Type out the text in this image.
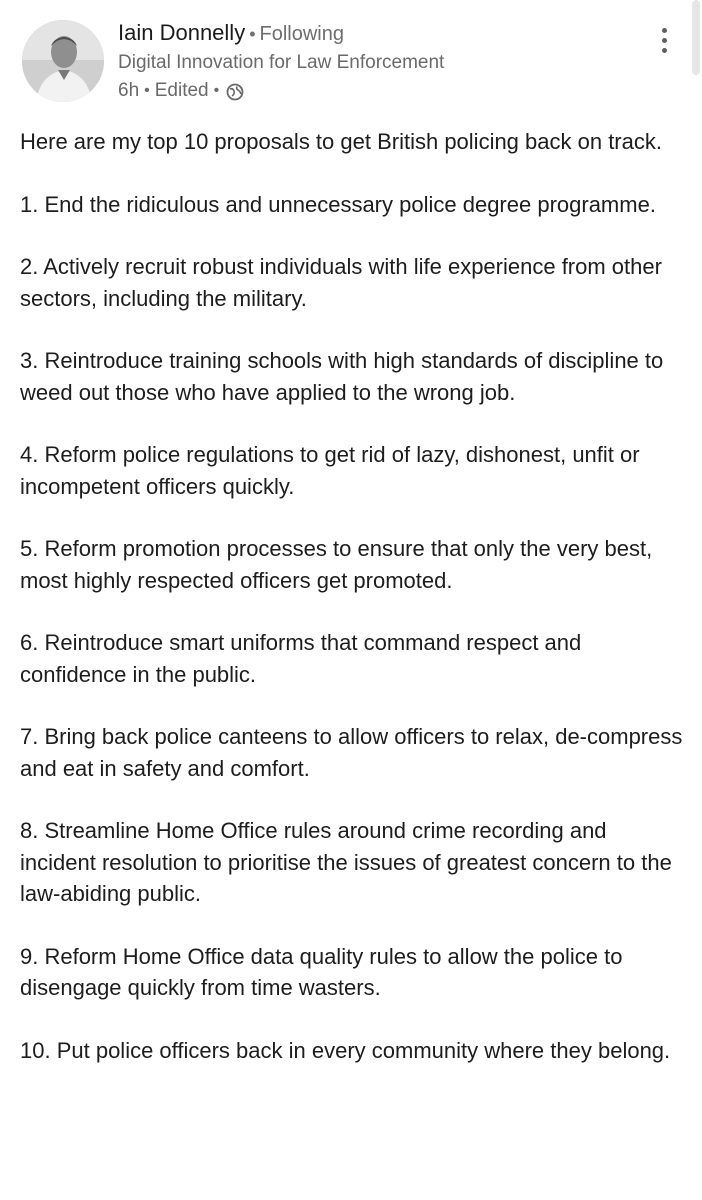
Iain Donnelly • Following
Digital Innovation for Law Enforcement
6h • Edited •

Here are my top 10 proposals to get British policing back on track.

1. End the ridiculous and unnecessary police degree programme.

2. Actively recruit robust individuals with life experience from other sectors, including the military.

3. Reintroduce training schools with high standards of discipline to weed out those who have applied to the wrong job.

4. Reform police regulations to get rid of lazy, dishonest, unfit or incompetent officers quickly.

5. Reform promotion processes to ensure that only the very best, most highly respected officers get promoted.

6. Reintroduce smart uniforms that command respect and confidence in the public.

7. Bring back police canteens to allow officers to relax, de-compress and eat in safety and comfort.

8. Streamline Home Office rules around crime recording and incident resolution to prioritise the issues of greatest concern to the law-abiding public.

9. Reform Home Office data quality rules to allow the police to disengage quickly from time wasters.

10. Put police officers back in every community where they belong.
